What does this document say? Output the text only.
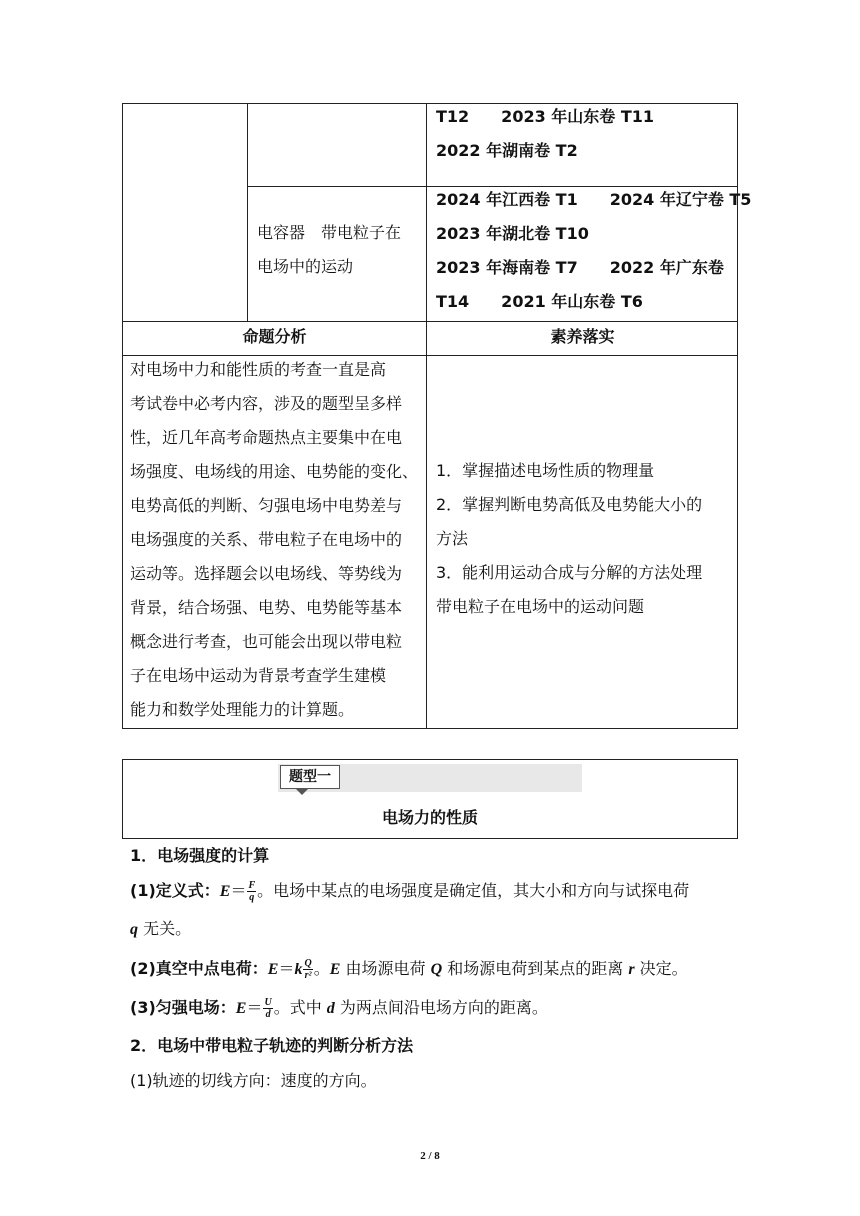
T12　　2023 年山东卷 T11
2022 年湖南卷 T2
电容器　带电粒子在
电场中的运动
2024 年江西卷 T1　　2024 年辽宁卷 T5
2023 年湖北卷 T10
2023 年海南卷 T7　　2022 年广东卷
T14　　2021 年山东卷 T6
命题分析	素养落实
对电场中力和能性质的考查一直是高
考试卷中必考内容，涉及的题型呈多样
性，近几年高考命题热点主要集中在电
场强度、电场线的用途、电势能的变化、
电势高低的判断、匀强电场中电势差与
电场强度的关系、带电粒子在电场中的
运动等。选择题会以电场线、等势线为
背景，结合场强、电势、电势能等基本
概念进行考查，也可能会出现以带电粒
子在电场中运动为背景考查学生建模
能力和数学处理能力的计算题。
1．掌握描述电场性质的物理量
2．掌握判断电势高低及电势能大小的
方法
3．能利用运动合成与分解的方法处理
带电粒子在电场中的运动问题
题型一
电场力的性质
1．电场强度的计算
(1)定义式：$E= \frac{F}{q}$ 。电场中某点的电场强度是确定值，其大小和方向与试探电荷
q 无关。
(2)真空中点电荷：$E=k \frac{Q}{\text{r²}}$ 。E 由场源电荷 Q 和场源电荷到某点的距离 r 决定。
(3)匀强电场：$E= \frac{U}{d}$ 。式中 d 为两点间沿电场方向的距离。
2．电场中带电粒子轨迹的判断分析方法
(1)轨迹的切线方向：速度的方向。
2 / 8
